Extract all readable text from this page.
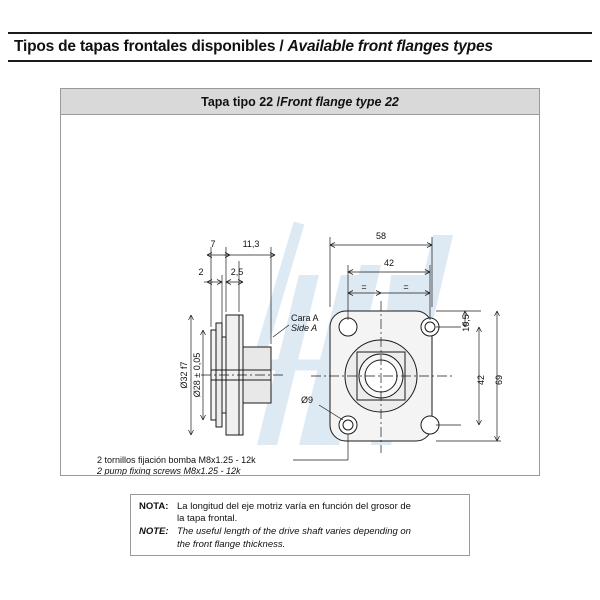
Tipos de tapas frontales disponibles / Available front flanges types
Tapa tipo 22 / Front flange type 22
7	11,3
2	2,5
Ø32 f7 Ø28 ± 0,05
Cara A
Side A
58
42
=	=
10,5
42 69
Ø9
2 tornillos fijación bomba M8x1.25 - 12k
2 pump fixing screws M8x1.25 - 12k
NOTA: La longitud del eje motriz varía en función del grosor de
la tapa frontal.
NOTE: The useful length of the drive shaft varies depending on
the front flange thickness.
